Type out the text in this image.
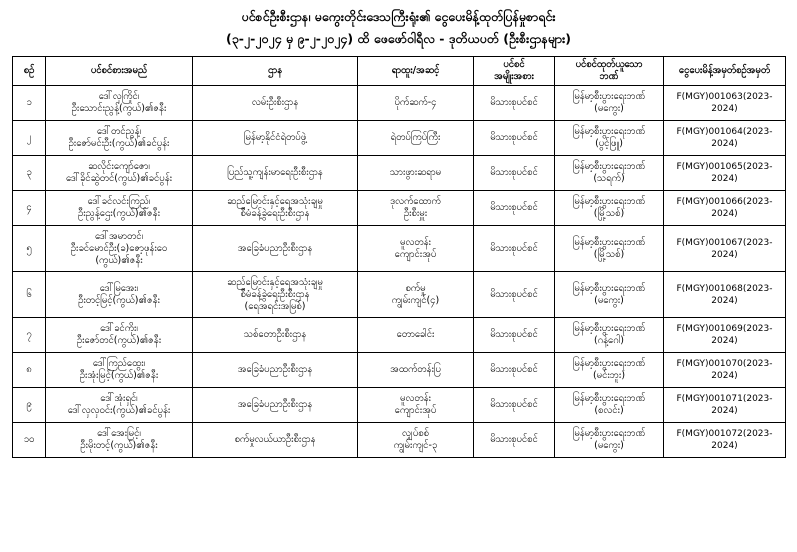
ပင်စင်ဦးစီးဌာန၊ မကွေးတိုင်းဒေသကြီးရုံး၏ ငွေပေးမိန့်ထုတ်ပြန်မှုစာရင်း
(၃-၂-၂၀၂၄ မှ ၉-၂-၂၀၂၄) ထိ ဖေဖော်ဝါရီလ - ဒုတိယပတ် (ဦးစီးဌာနများ)
စဉ်	ပင်စင်စားအမည်	ဌာန	ရာထူး/အဆင့်	ပင်စင်
အမျိုးအစား	ပင်စင်ထုတ်ယူသော
ဘဏ်	ငွေပေးမိန့်အမှတ်စဉ်အမှတ်
၁	ဒေါ်လှကြိုင်၊
ဦးသောင်းညွန့်(ကွယ်)၏ဇနီး	လမ်းဦးစီးဌာန	ပိုက်ဆက်-၄	မိသားစုပင်စင်	မြန်မာ့စီးပွားရေးဘဏ်
(မကွေး)	F(MGY)001063(2023-2024)
၂	ဒေါ်တင်ညွန့်၊
ဦးဇော်မင်းဦး(ကွယ်)၏ခင်ပွန်း	မြန်မာ့နိုင်ငံရဲတပ်ဖွဲ့	ရဲတပ်ကြပ်ကြီး	မိသားစုပင်စင်	မြန်မာ့စီးပွားရေးဘဏ်
(ပွင့်ဖြူ)	F(MGY)001064(2023-2024)
၃	ဆလိုင်းကျော်ဇော၊
ဒေါ်ခိုင်ဆွဲတင်(ကွယ်)၏ခင်ပွန်း	ပြည်သူ့ကျန်းမာရေးဦးစီးဌာန	သားဖွားဆရာမ	မိသားစုပင်စင်	မြန်မာ့စီးပွားရေးဘဏ်
(သရက်)	F(MGY)001065(2023-2024)
၄	ဒေါ်ခင်လင်းကြည်၊
ဦးညွန့်ဌေး(ကွယ်)၏ဇနီး	ဆည်မြောင်းနှင့်ရေအသုံးချမှု
စီမံခန့်ခွဲရေးဦးစီးဌာန	ဒုလက်ထောက်
ဦးစီးမှူး	မိသားစုပင်စင်	မြန်မာ့စီးပွားရေးဘဏ်
(မြို့သစ်)	F(MGY)001066(2023-2024)
၅	ဒေါ်အမာတင်၊
ဦးခင်မောင်ဦး(ခ)ဇော့ဖုန်းဝေ
(ကွယ်)၏ဇနီး	အခြေခံပညာဦးစီးဌာန	မူလတန်း
ကျောင်းအုပ်	မိသားစုပင်စင်	မြန်မာ့စီးပွားရေးဘဏ်
(မြို့သစ်)	F(MGY)001067(2023-2024)
၆	ဒေါ်မြအေး၊
ဦးတင့်မြင့်(ကွယ်)၏ဇနီး	ဆည်မြောင်းနှင့်ရေအသုံးချမှု
စီမံခန့်ခွဲရေးဦးစီးဌာန
(ရေအရင်းအမြစ်)	စက်မှု
ကျွမ်းကျင်(၄)	မိသားစုပင်စင်	မြန်မာ့စီးပွားရေးဘဏ်
(မကွေး)	F(MGY)001068(2023-2024)
၇	ဒေါ်ခင်ကိုး၊
ဦးဇော်တင်(ကွယ်)၏ဇနီး	သစ်တောဦးစီးဌာန	တောခေါင်း	မိသားစုပင်စင်	မြန်မာ့စီးပွားရေးဘဏ်
(ဂန့်ဂေါ)	F(MGY)001069(2023-2024)
၈	ဒေါ်ကြည်ထွေး၊
ဦးအုံးမြင့်(ကွယ်)၏ဇနီး	အခြေခံပညာဦးစီးဌာန	အထက်တန်းပြ	မိသားစုပင်စင်	မြန်မာ့စီးပွားရေးဘဏ်
(မင်းဘူး)	F(MGY)001070(2023-2024)
၉	ဒေါ်အုံးရှင်၊
ဒေါ်လှလှဝင်း(ကွယ်)၏ခင်ပွန်း	အခြေခံပညာဦးစီးဌာန	မူလတန်း
ကျောင်းအုပ်	မိသားစုပင်စင်	မြန်မာ့စီးပွားရေးဘဏ်
(စလင်း)	F(MGY)001071(2023-2024)
၁၀	ဒေါ်အေးမြင့်၊
ဦးမိုးတင့်(ကွယ်)၏ဇနီး	စက်မှုလယ်ယာဦးစီးဌာန	လျှပ်စစ်
ကျွမ်းကျင်-၃	မိသားစုပင်စင်	မြန်မာ့စီးပွားရေးဘဏ်
(မကွေး)	F(MGY)001072(2023-2024)
